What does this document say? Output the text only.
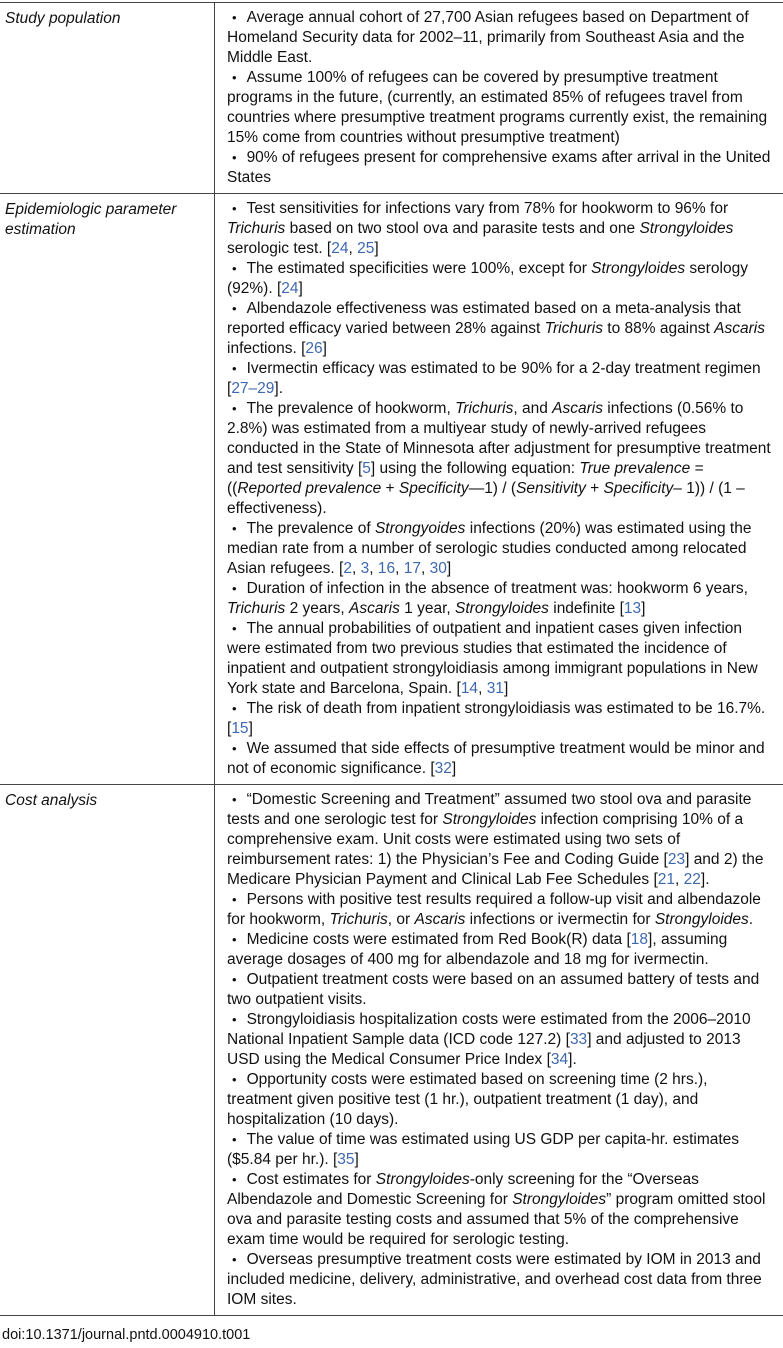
Study population	• Average annual cohort of 27,700 Asian refugees based on Department of Homeland Security data for 2002–11, primarily from Southeast Asia and the Middle East.

• Assume 100% of refugees can be covered by presumptive treatment programs in the future, (currently, an estimated 85% of refugees travel from countries where presumptive treatment programs currently exist, the remaining 15% come from countries without presumptive treatment)

• 90% of refugees present for comprehensive exams after arrival in the United States

Epidemiologic parameter estimation

• Test sensitivities for infections vary from 78% for hookworm to 96% for Trichuris based on two stool ova and parasite tests and one Strongyloides serologic test. [24, 25]

• The estimated specificities were 100%, except for Strongyloides serology (92%). [24]

• Albendazole effectiveness was estimated based on a meta-analysis that reported efficacy varied between 28% against Trichuris to 88% against Ascaris infections. [26]

• Ivermectin efficacy was estimated to be 90% for a 2-day treatment regimen [27–29].

• The prevalence of hookworm, Trichuris, and Ascaris infections (0.56% to 2.8%) was estimated from a multiyear study of newly-arrived refugees conducted in the State of Minnesota after adjustment for presumptive treatment and test sensitivity [5] using the following equation: True prevalence = ((Reported prevalence + Specificity—1) / (Sensitivity + Specificity– 1)) / (1 –effectiveness).

• The prevalence of Strongyoides infections (20%) was estimated using the median rate from a number of serologic studies conducted among relocated Asian refugees. [2, 3, 16, 17, 30]

• Duration of infection in the absence of treatment was: hookworm 6 years, Trichuris 2 years, Ascaris 1 year, Strongyloides indefinite [13]

• The annual probabilities of outpatient and inpatient cases given infection were estimated from two previous studies that estimated the incidence of inpatient and outpatient strongyloidiasis among immigrant populations in New York state and Barcelona, Spain. [14, 31]

• The risk of death from inpatient strongyloidiasis was estimated to be 16.7%. [15]

• We assumed that side effects of presumptive treatment would be minor and not of economic significance. [32]

Cost analysis	• “Domestic Screening and Treatment” assumed two stool ova and parasite tests and one serologic test for Strongyloides infection comprising 10% of a comprehensive exam. Unit costs were estimated using two sets of reimbursement rates: 1) the Physician’s Fee and Coding Guide [23] and 2) the Medicare Physician Payment and Clinical Lab Fee Schedules [21, 22].

• Persons with positive test results required a follow-up visit and albendazole for hookworm, Trichuris, or Ascaris infections or ivermectin for Strongyloides.

• Medicine costs were estimated from Red Book(R) data [18], assuming average dosages of 400 mg for albendazole and 18 mg for ivermectin.

• Outpatient treatment costs were based on an assumed battery of tests and two outpatient visits.

• Strongyloidiasis hospitalization costs were estimated from the 2006–2010 National Inpatient Sample data (ICD code 127.2) [33] and adjusted to 2013 USD using the Medical Consumer Price Index [34].

• Opportunity costs were estimated based on screening time (2 hrs.), treatment given positive test (1 hr.), outpatient treatment (1 day), and hospitalization (10 days).

• The value of time was estimated using US GDP per capita-hr. estimates ($5.84 per hr.). [35]

• Cost estimates for Strongyloides-only screening for the “Overseas Albendazole and Domestic Screening for Strongyloides” program omitted stool ova and parasite testing costs and assumed that 5% of the comprehensive exam time would be required for serologic testing.

• Overseas presumptive treatment costs were estimated by IOM in 2013 and included medicine, delivery, administrative, and overhead cost data from three IOM sites.

doi:10.1371/journal.pntd.0004910.t001
